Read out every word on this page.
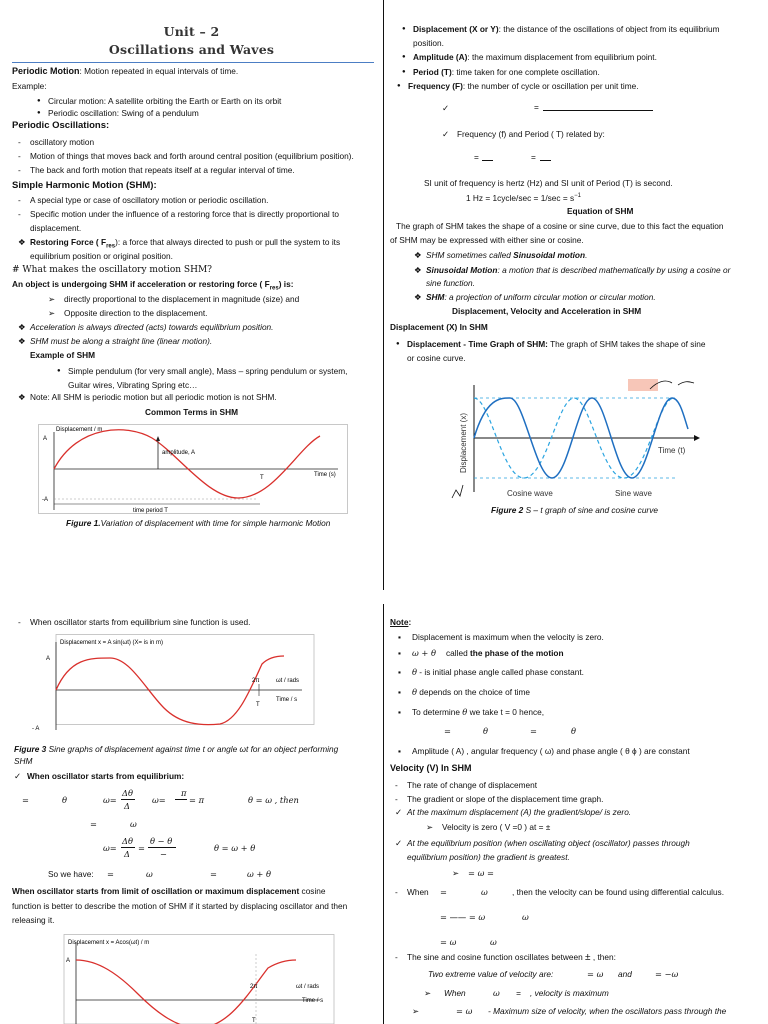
Unit – 2
Oscillations and Waves
Periodic Motion: Motion repeated in equal intervals of time.
Example:
● Circular motion: A satellite orbiting the Earth or Earth on its orbit
● Periodic oscillation: Swing of a pendulum
Periodic Oscillations:
- oscillatory motion
- Motion of things that moves back and forth around central position (equilibrium position).
- The back and forth motion that repeats itself at a regular interval of time.
Simple Harmonic Motion (SHM):
- A special type or case of oscillatory motion or periodic oscillation.
- Specific motion under the influence of a restoring force that is directly proportional to
displacement.
❖ Restoring Force ( $F_{res}$): a force that always directed to push or pull the system to its
equilibrium position or original position.
# What makes the oscillatory motion SHM?
An object is undergoing SHM if acceleration or restoring force ( $F_{res}$) is:
➢ directly proportional to the displacement in magnitude (size) and
➢ Opposite direction to the displacement.
❖ Acceleration is always directed (acts) towards equilibrium position.
❖ SHM must be along a straight line (linear motion).
Example of SHM
● Simple pendulum (for very small angle), Mass – spring pendulum or system,
Guitar wires, Vibrating Spring etc…
❖ Note: All SHM is periodic motion but all periodic motion is not SHM.
Common Terms in SHM
Displacement / m
amplitude, A
Time (s)
A
-A
T
time period T
Figure 1.Variation of displacement with time for simple harmonic Motion
● Displacement (X or Y): the distance of the oscillations of object from its equilibrium
position.
● Amplitude (A): the maximum displacement from equilibrium point.
● Period (T): time taken for one complete oscillation.
● Frequency (F): the number of cycle or oscillation per unit time.
✓	=
✓ Frequency (f) and Period ( T) related by:
=	=
SI unit of frequency is hertz (Hz) and SI unit of Period (T) is second.
1 Hz = 1cycle/sec = $1/\sec = s^{-1}$
Equation of SHM
The graph of SHM takes the shape of a cosine or sine curve, due to this fact the equation
of SHM may be expressed with either sine or cosine.
❖ SHM sometimes called Sinusoidal motion.
❖ Sinusoidal Motion: a motion that is described mathematically by using a cosine or
sine function.
❖ SHM: a projection of uniform circular motion or circular motion.
Displacement, Velocity and Acceleration in SHM
Displacement (X) In SHM
● Displacement - Time Graph of SHM: The graph of SHM takes the shape of sine
or cosine curve.
Displacement (x)	Time (t)
Cosine wave	Sine wave
Figure 2 S – t graph of sine and cosine curve
- When oscillator starts from equilibrium sine function is used.
Displacement x = A sin(ωt) (X= is in m)
A
- A
2π	ωt / rads
Time / s
T
Figure 3 Sine graphs of displacement against time t or angle ωt for an object performing
SHM
✓ When oscillator starts from equilibrium:
=	θ	ω=
Δθ
Δ
ω=
π
= π	θ = ω , then
=	ω
ω=
Δθ
Δ
=
θ − θ
−
θ = ω + θ
So we have: =	ω	=	ω + θ
When oscillator starts from limit of oscillation or maximum displacement cosine
function is better to describe the motion of SHM if it started by displacing oscillator and then
releasing it.
Displacement x = Acos(ωt) / m
A
2π	ωt / rads
Time / s
T
Note:
▪ Displacement is maximum when the velocity is zero.
▪ ω + θ called the phase of the motion
▪ θ - is initial phase angle called phase constant.
▪ θ depends on the choice of time
▪ To determine θ we take t = 0 hence,
=	θ	=	θ
▪ Amplitude ( A) , angular frequency ( ω) and phase angle ( θ ϕ ) are constant
Velocity (V) In SHM
- The rate of change of displacement
- The gradient or slope of the displacement time graph.
✓ At the maximum displacement (A) the gradient/slope/ is zero.
➢ Velocity is zero ( V =0 ) at = ±
✓ At the equilibrium position (when oscillating object (oscillator) passes through
equilibrium position) the gradient is greatest.
➢ = ω =
- When =	ω	, then the velocity can be found using differential calculus.
= —— = ω	ω
= ω	ω
- The sine and cosine function oscillates between ± , then:
Two extreme value of velocity are:	= ω and	= −ω
➢ When	ω = , velocity is maximum
➢	= ω - Maximum size of velocity, when the oscillators pass through the
